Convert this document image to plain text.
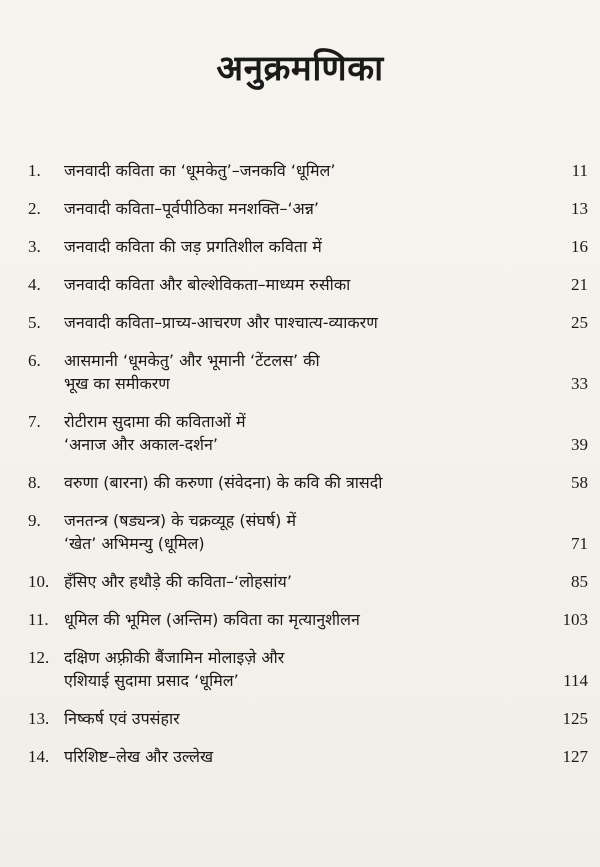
अनुक्रमणिका
1.	जनवादी कविता का ‘धूमकेतु’–जनकवि ‘धूमिल’	11
2.	जनवादी कविता–पूर्वपीठिका मनशक्ति–‘अन्न’	13
3.	जनवादी कविता की जड़ प्रगतिशील कविता में	16
4.	जनवादी कविता और बोल्शेविकता–माध्यम रुसीका	21
5.	जनवादी कविता–प्राच्य-आचरण और पाश्चात्य-व्याकरण	25
6.	आसमानी ‘धूमकेतु’ और भूमानी ‘टेंटलस’ की
भूख का समीकरण	33
7.	रोटीराम सुदामा की कविताओं में
‘अनाज और अकाल-दर्शन’	39
8.	वरुणा (बारना) की करुणा (संवेदना) के कवि की त्रासदी	58
9.	जनतन्त्र (षड्यन्त्र) के चक्रव्यूह (संघर्ष) में
‘खेत’ अभिमन्यु (धूमिल)	71
10. हँसिए और हथौड़े की कविता–‘लोहसांय’	85
11. धूमिल की भूमिल (अन्तिम) कविता का मृत्यानुशीलन	103
12. दक्षिण अफ़्रीकी बैंजामिन मोलाइज़े और
एशियाई सुदामा प्रसाद ‘धूमिल’	114
13. निष्कर्ष एवं उपसंहार	125
14. परिशिष्ट–लेख और उल्लेख	127
